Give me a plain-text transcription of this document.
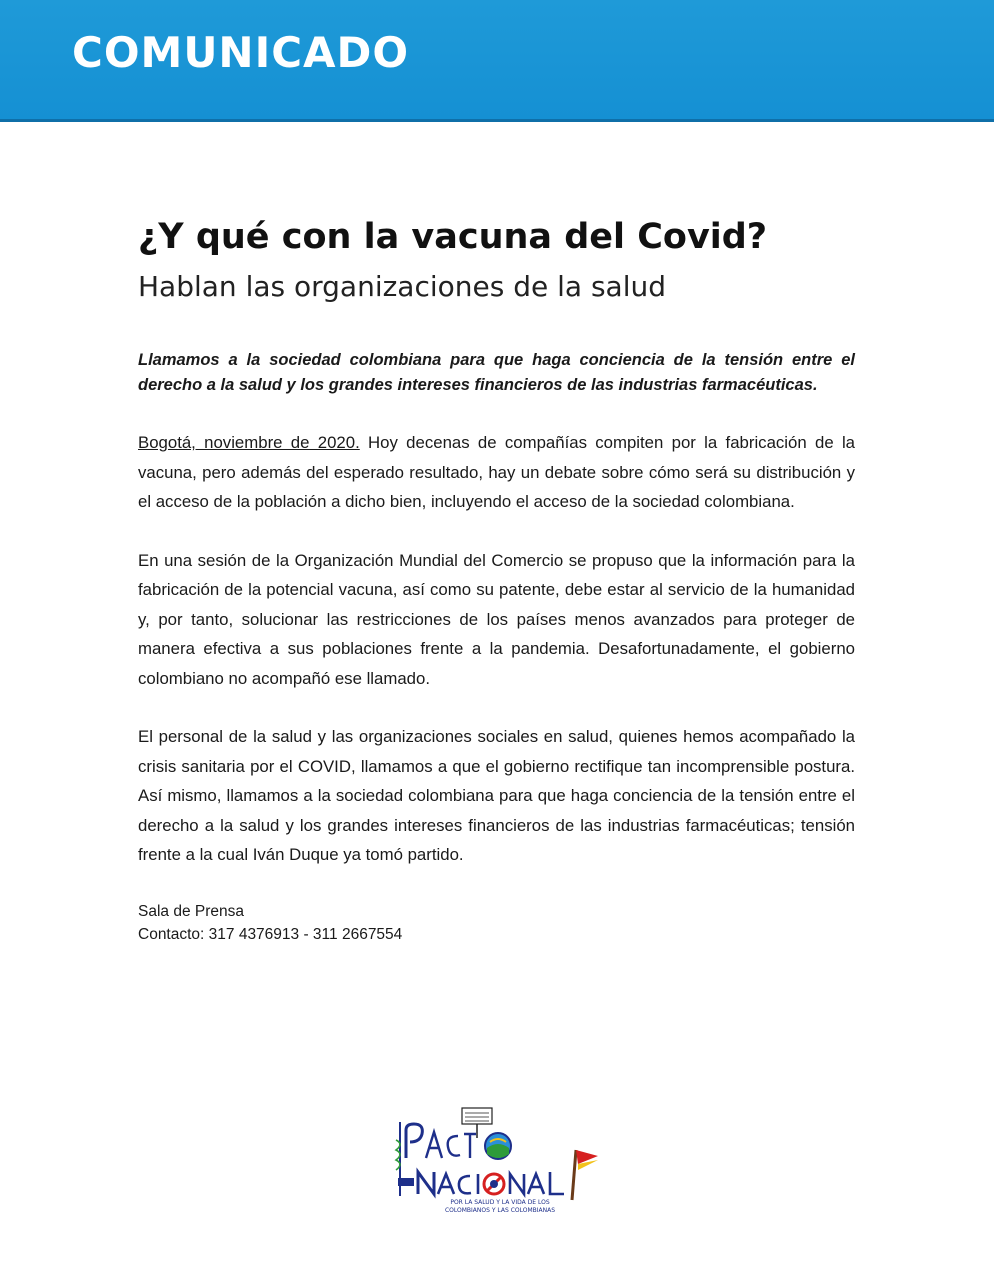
COMUNICADO
¿Y qué con la vacuna del Covid?
Hablan las organizaciones de la salud

Llamamos a la sociedad colombiana para que haga conciencia de la tensión entre el derecho a la salud y los grandes intereses financieros de las industrias farmacéuticas.

Bogotá, noviembre de 2020. Hoy decenas de compañías compiten por la fabricación de la vacuna, pero además del esperado resultado, hay un debate sobre cómo será su distribución y el acceso de la población a dicho bien, incluyendo el acceso de la sociedad colombiana.

En una sesión de la Organización Mundial del Comercio se propuso que la información para la fabricación de la potencial vacuna, así como su patente, debe estar al servicio de la humanidad y, por tanto, solucionar las restricciones de los países menos avanzados para proteger de manera efectiva a sus poblaciones frente a la pandemia. Desafortunadamente, el gobierno colombiano no acompañó ese llamado.

El personal de la salud y las organizaciones sociales en salud, quienes hemos acompañado la crisis sanitaria por el COVID, llamamos a que el gobierno rectifique tan incomprensible postura. Así mismo, llamamos a la sociedad colombiana para que haga conciencia de la tensión entre el derecho a la salud y los grandes intereses financieros de las industrias farmacéuticas; tensión frente a la cual Iván Duque ya tomó partido.

Sala de Prensa
Contacto: 317 4376913 - 311 2667554
POR LA SALUD Y LA VIDA DE LOS
COLOMBIANOS Y LAS COLOMBIANAS
